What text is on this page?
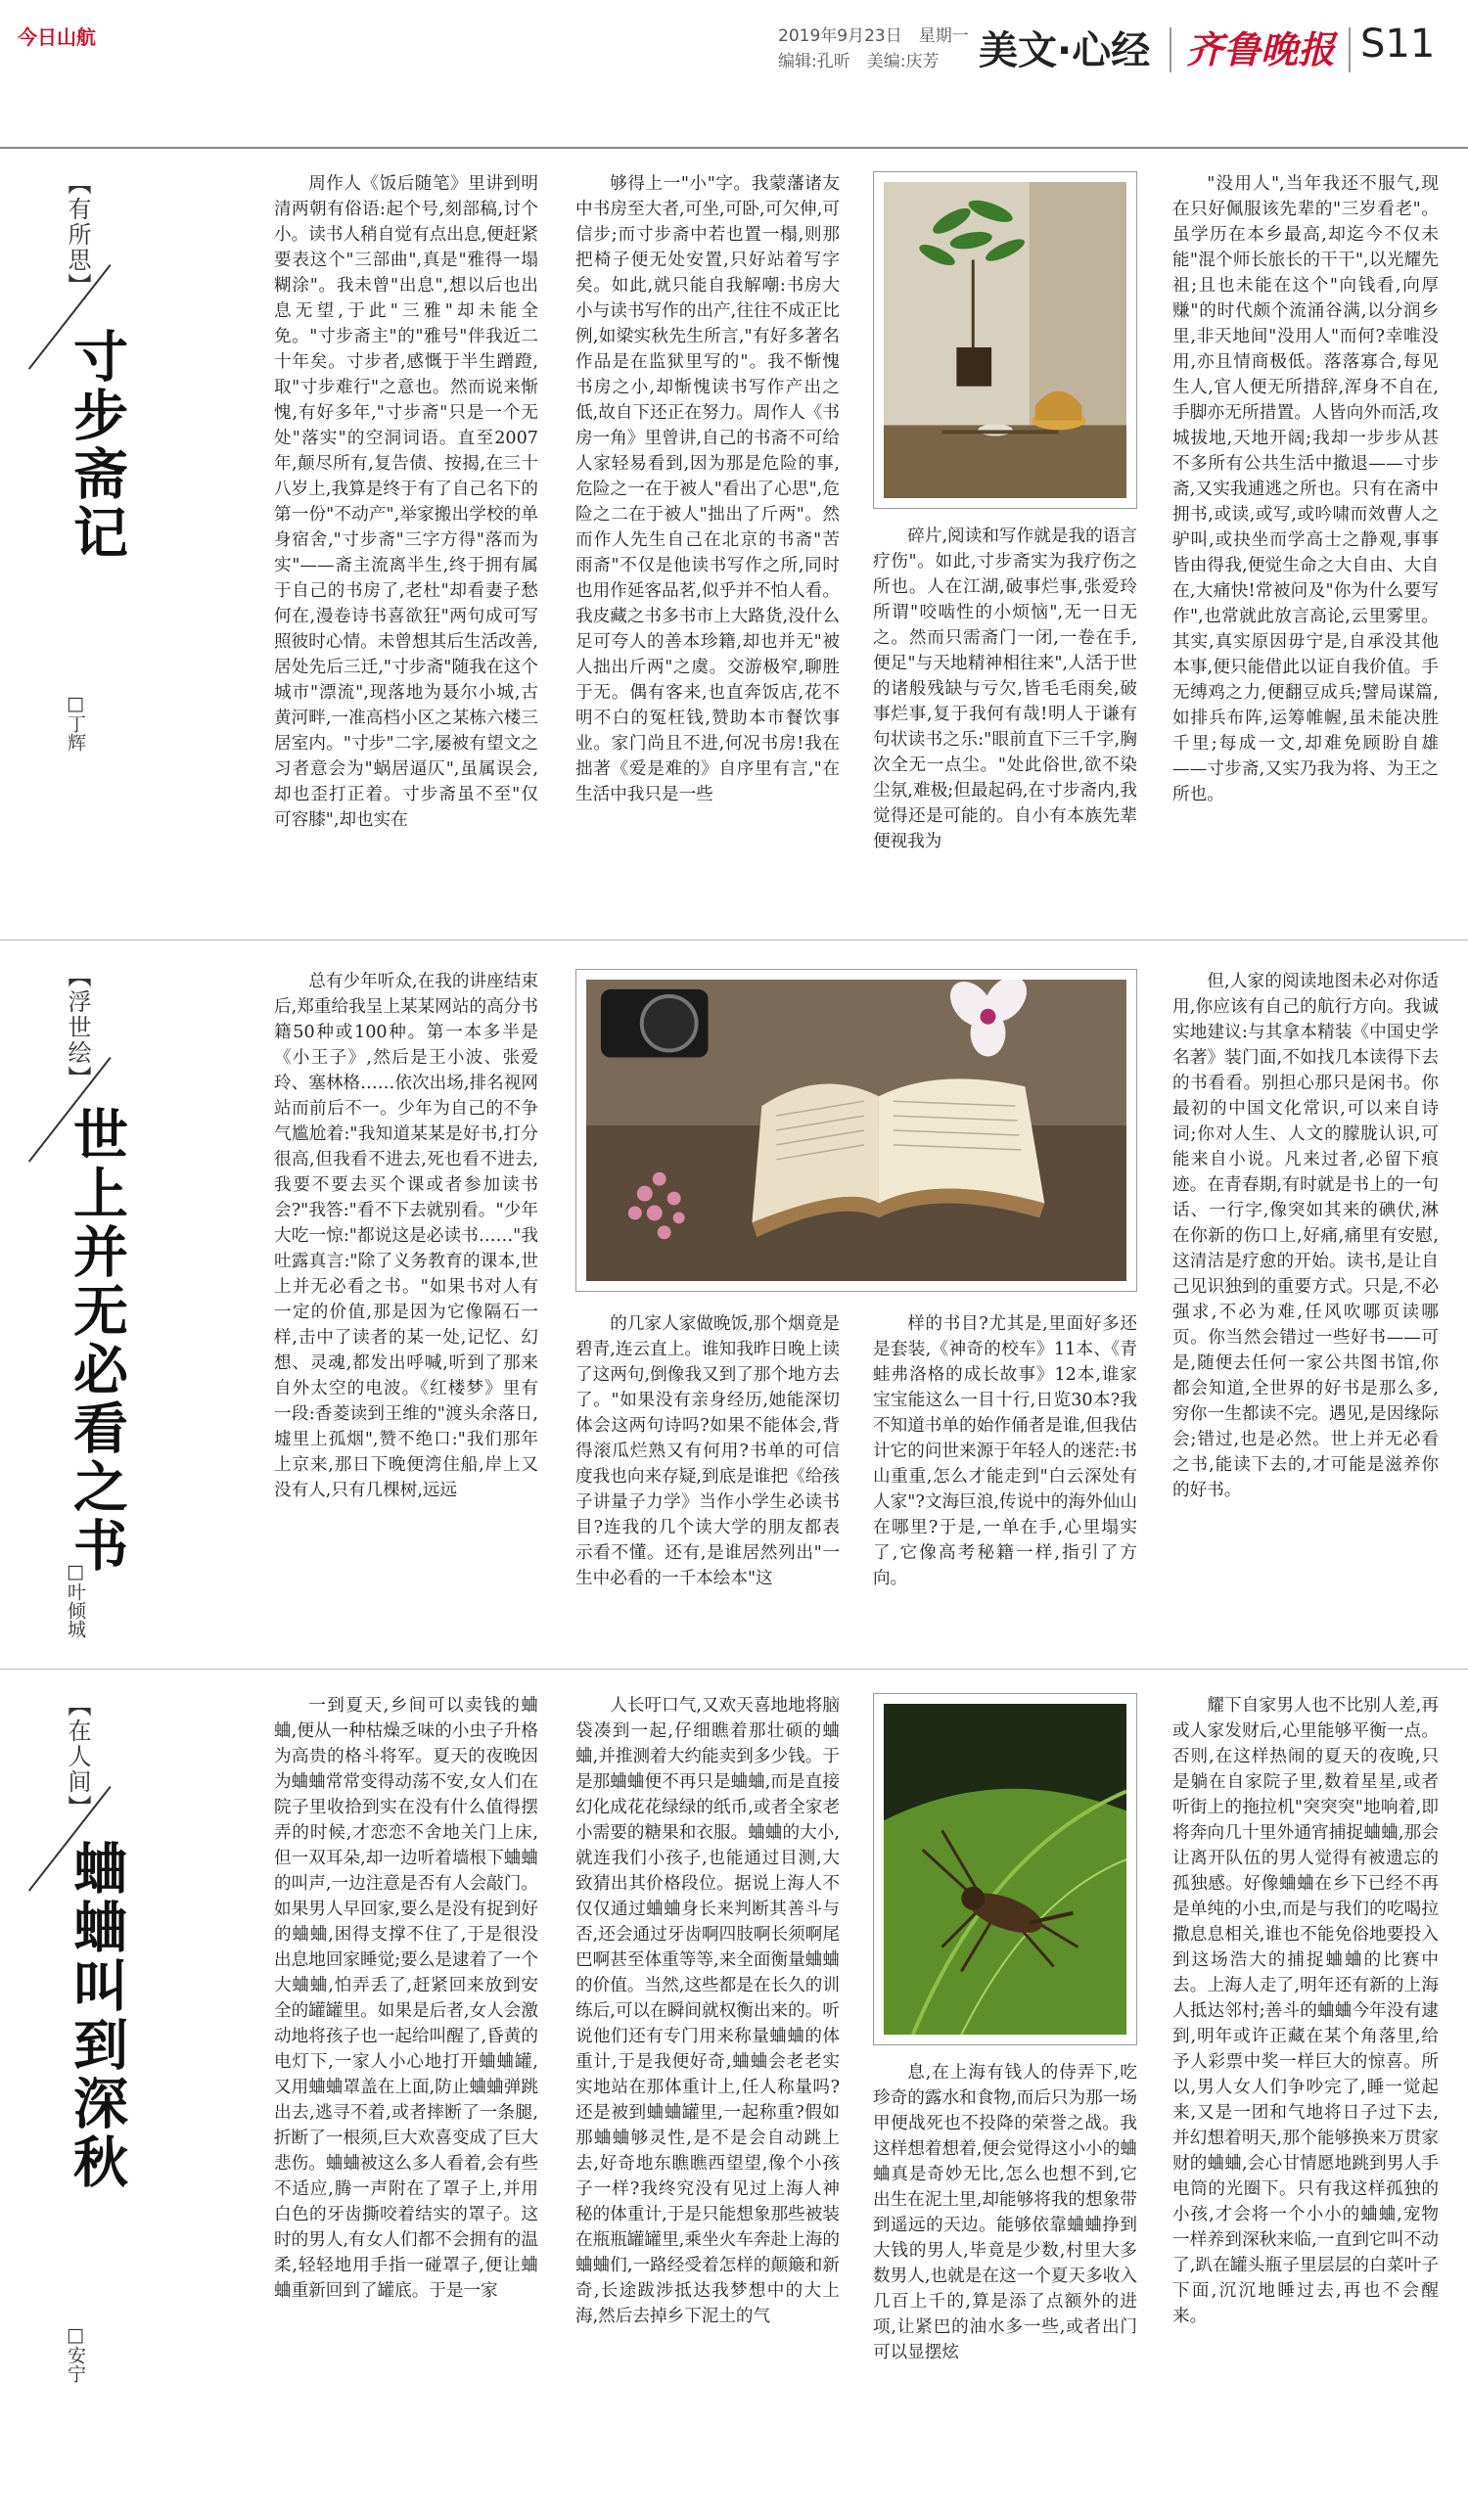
今日山航	2019年9月23日　星期一
编辑:孔昕　美编:庆芳 美文·心经 齐鲁晚报 S11
【有所思】
寸步斋记
□丁辉

周作人《饭后随笔》里讲到明清两朝有俗语:起个号,刻部稿,讨个小。读书人稍自觉有点出息,便赶紧要表这个"三部曲",真是"雅得一塌糊涂"。我未曾"出息",想以后也出息无望,于此"三雅"却未能全免。"寸步斋主"的"雅号"伴我近二十年矣。寸步者,感慨于半生蹭蹬,取"寸步难行"之意也。然而说来惭愧,有好多年,"寸步斋"只是一个无处"落实"的空洞词语。直至2007年,颠尽所有,复告债、按揭,在三十八岁上,我算是终于有了自己名下的第一份"不动产",举家搬出学校的单身宿舍,"寸步斋"三字方得"落而为实"——斋主流离半生,终于拥有属于自己的书房了,老杜"却看妻子愁何在,漫卷诗书喜欲狂"两句成可写照彼时心情。未曾想其后生活改善,居处先后三迁,"寸步斋"随我在这个城市"漂流",现落地为聂尔小城,古黄河畔,一准高档小区之某栋六楼三居室内。"寸步"二字,屡被有望文之习者意会为"蜗居逼仄",虽属误会,却也歪打正着。寸步斋虽不至"仅可容膝",却也实在

够得上一"小"字。我蒙藩诸友中书房至大者,可坐,可卧,可欠伸,可信步;而寸步斋中若也置一榻,则那把椅子便无处安置,只好站着写字矣。如此,就只能自我解嘲:书房大小与读书写作的出产,往往不成正比例,如梁实秋先生所言,"有好多著名作品是在监狱里写的"。我不惭愧书房之小,却惭愧读书写作产出之低,故自下还正在努力。周作人《书房一角》里曾讲,自己的书斋不可给人家轻易看到,因为那是危险的事,危险之一在于被人"看出了心思",危险之二在于被人"拙出了斤两"。然而作人先生自己在北京的书斋"苦雨斋"不仅是他读书写作之所,同时也用作延客品茗,似乎并不怕人看。我皮藏之书多书市上大路货,没什么足可夸人的善本珍籍,却也并无"被人拙出斤两"之虞。交游极窄,聊胜于无。偶有客来,也直奔饭店,花不明不白的冤枉钱,赞助本市餐饮事业。家门尚且不进,何况书房!我在拙著《爱是难的》自序里有言,"在生活中我只是一些

碎片,阅读和写作就是我的语言疗伤"。如此,寸步斋实为我疗伤之所也。人在江湖,破事烂事,张爱玲所谓"咬啮性的小烦恼",无一日无之。然而只需斋门一闭,一卷在手,便足"与天地精神相往来",人活于世的诸般残缺与亏欠,皆毛毛雨矣,破事烂事,复于我何有哉!明人于谦有句状读书之乐:"眼前直下三千字,胸次全无一点尘。"处此俗世,欲不染尘氛,难极;但最起码,在寸步斋内,我觉得还是可能的。自小有本族先辈便视我为

"没用人",当年我还不服气,现在只好佩服该先辈的"三岁看老"。虽学历在本乡最高,却迄今不仅未能"混个师长旅长的干干",以光耀先祖;且也未能在这个"向钱看,向厚赚"的时代颇个流涌谷满,以分润乡里,非天地间"没用人"而何?幸唯没用,亦且情商极低。落落寡合,每见生人,官人便无所措辞,浑身不自在,手脚亦无所措置。人皆向外而活,攻城拔地,天地开阔;我却一步步从甚不多所有公共生活中撤退——寸步斋,又实我逋逃之所也。只有在斋中拥书,或读,或写,或吟啸而效曹人之驴叫,或抉坐而学高士之静观,事事皆由得我,便觉生命之大自由、大自在,大痛快!常被问及"你为什么要写作",也常就此放言高论,云里雾里。其实,真实原因毋宁是,自承没其他本事,便只能借此以证自我价值。手无缚鸡之力,便翻豆成兵;譬局谋篇,如排兵布阵,运筹帷幄,虽未能决胜千里;每成一文,却难免顾盼自雄——寸步斋,又实乃我为将、为王之所也。

【浮世绘】
世上并无必看之书
□叶倾城

总有少年听众,在我的讲座结束后,郑重给我呈上某某网站的高分书籍50种或100种。第一本多半是《小王子》,然后是王小波、张爱玲、塞林格……依次出场,排名视网站而前后不一。少年为自己的不争气尴尬着:"我知道某某是好书,打分很高,但我看不进去,死也看不进去,我要不要去买个课或者参加读书会?"我答:"看不下去就别看。"少年大吃一惊:"都说这是必读书……"我吐露真言:"除了义务教育的课本,世上并无必看之书。"如果书对人有一定的价值,那是因为它像隔石一样,击中了读者的某一处,记忆、幻想、灵魂,都发出呼喊,听到了那来自外太空的电波。《红楼梦》里有一段:香菱读到王维的"渡头余落日,墟里上孤烟",赞不绝口:"我们那年上京来,那日下晚便湾住船,岸上又没有人,只有几棵树,远远

的几家人家做晚饭,那个烟竟是碧青,连云直上。谁知我昨日晚上读了这两句,倒像我又到了那个地方去了。"如果没有亲身经历,她能深切体会这两句诗吗?如果不能体会,背得滚瓜烂熟又有何用?书单的可信度我也向来存疑,到底是谁把《给孩子讲量子力学》当作小学生必读书目?连我的几个读大学的朋友都表示看不懂。还有,是谁居然列出"一生中必看的一千本绘本"这

样的书目?尤其是,里面好多还是套装,《神奇的校车》11本、《青蛙弗洛格的成长故事》12本,谁家宝宝能这么一目十行,日览30本?我不知道书单的始作俑者是谁,但我估计它的问世来源于年轻人的迷茫:书山重重,怎么才能走到"白云深处有人家"?文海巨浪,传说中的海外仙山在哪里?于是,一单在手,心里塌实了,它像高考秘籍一样,指引了方向。

但,人家的阅读地图未必对你适用,你应该有自己的航行方向。我诚实地建议:与其拿本精装《中国史学名著》装门面,不如找几本读得下去的书看看。别担心那只是闲书。你最初的中国文化常识,可以来自诗词;你对人生、人文的朦胧认识,可能来自小说。凡来过者,必留下痕迹。在青春期,有时就是书上的一句话、一行字,像突如其来的碘伏,淋在你新的伤口上,好痛,痛里有安慰,这清洁是疗愈的开始。读书,是让自己见识独到的重要方式。只是,不必强求,不必为难,任风吹哪页读哪页。你当然会错过一些好书——可是,随便去任何一家公共图书馆,你都会知道,全世界的好书是那么多,穷你一生都读不完。遇见,是因缘际会;错过,也是必然。世上并无必看之书,能读下去的,才可能是滋养你的好书。

【在人间】
蛐蛐叫到深秋
□安宁

一到夏天,乡间可以卖钱的蛐蛐,便从一种枯燥乏味的小虫子升格为高贵的格斗将军。夏天的夜晚因为蛐蛐常常变得动荡不安,女人们在院子里收拾到实在没有什么值得摆弄的时候,才恋恋不舍地关门上床,但一双耳朵,却一边听着墙根下蛐蛐的叫声,一边注意是否有人会敲门。如果男人早回家,要么是没有捉到好的蛐蛐,困得支撑不住了,于是很没出息地回家睡觉;要么是逮着了一个大蛐蛐,怕弄丢了,赶紧回来放到安全的罐罐里。如果是后者,女人会激动地将孩子也一起给叫醒了,昏黄的电灯下,一家人小心地打开蛐蛐罐,又用蛐蛐罩盖在上面,防止蛐蛐弹跳出去,逃寻不着,或者摔断了一条腿,折断了一根须,巨大欢喜变成了巨大悲伤。蛐蛐被这么多人看着,会有些不适应,腾一声附在了罩子上,并用白色的牙齿撕咬着结实的罩子。这时的男人,有女人们都不会拥有的温柔,轻轻地用手指一碰罩子,便让蛐蛐重新回到了罐底。于是一家

人长吁口气,又欢天喜地地将脑袋凑到一起,仔细瞧着那壮硕的蛐蛐,并推测着大约能卖到多少钱。于是那蛐蛐便不再只是蛐蛐,而是直接幻化成花花绿绿的纸币,或者全家老小需要的糖果和衣服。蛐蛐的大小,就连我们小孩子,也能通过目测,大致猜出其价格段位。据说上海人不仅仅通过蛐蛐身长来判断其善斗与否,还会通过牙齿啊四肢啊长须啊尾巴啊甚至体重等等,来全面衡量蛐蛐的价值。当然,这些都是在长久的训练后,可以在瞬间就权衡出来的。听说他们还有专门用来称量蛐蛐的体重计,于是我便好奇,蛐蛐会老老实实地站在那体重计上,任人称量吗?还是被到蛐蛐罐里,一起称重?假如那蛐蛐够灵性,是不是会自动跳上去,好奇地东瞧瞧西望望,像个小孩子一样?我终究没有见过上海人神秘的体重计,于是只能想象那些被装在瓶瓶罐罐里,乘坐火车奔赴上海的蛐蛐们,一路经受着怎样的颠簸和新奇,长途跋涉抵达我梦想中的大上海,然后去掉乡下泥土的气

息,在上海有钱人的侍弄下,吃珍奇的露水和食物,而后只为那一场甲便战死也不投降的荣誉之战。我这样想着想着,便会觉得这小小的蛐蛐真是奇妙无比,怎么也想不到,它出生在泥土里,却能够将我的想象带到遥远的天边。能够依靠蛐蛐挣到大钱的男人,毕竟是少数,村里大多数男人,也就是在这一个夏天多收入几百上千的,算是添了点额外的进项,让紧巴的油水多一些,或者出门可以显摆炫

耀下自家男人也不比别人差,再或人家发财后,心里能够平衡一点。否则,在这样热闹的夏天的夜晚,只是躺在自家院子里,数着星星,或者听街上的拖拉机"突突突"地响着,即将奔向几十里外通宵捕捉蛐蛐,那会让离开队伍的男人觉得有被遗忘的孤独感。好像蛐蛐在乡下已经不再是单纯的小虫,而是与我们的吃喝拉撒息息相关,谁也不能免俗地要投入到这场浩大的捕捉蛐蛐的比赛中去。上海人走了,明年还有新的上海人抵达邻村;善斗的蛐蛐今年没有逮到,明年或许正藏在某个角落里,给予人彩票中奖一样巨大的惊喜。所以,男人女人们争吵完了,睡一觉起来,又是一团和气地将日子过下去,并幻想着明天,那个能够换来万贯家财的蛐蛐,会心甘情愿地跳到男人手电筒的光圈下。只有我这样孤独的小孩,才会将一个小小的蛐蛐,宠物一样养到深秋来临,一直到它叫不动了,趴在罐头瓶子里层层的白菜叶子下面,沉沉地睡过去,再也不会醒来。
